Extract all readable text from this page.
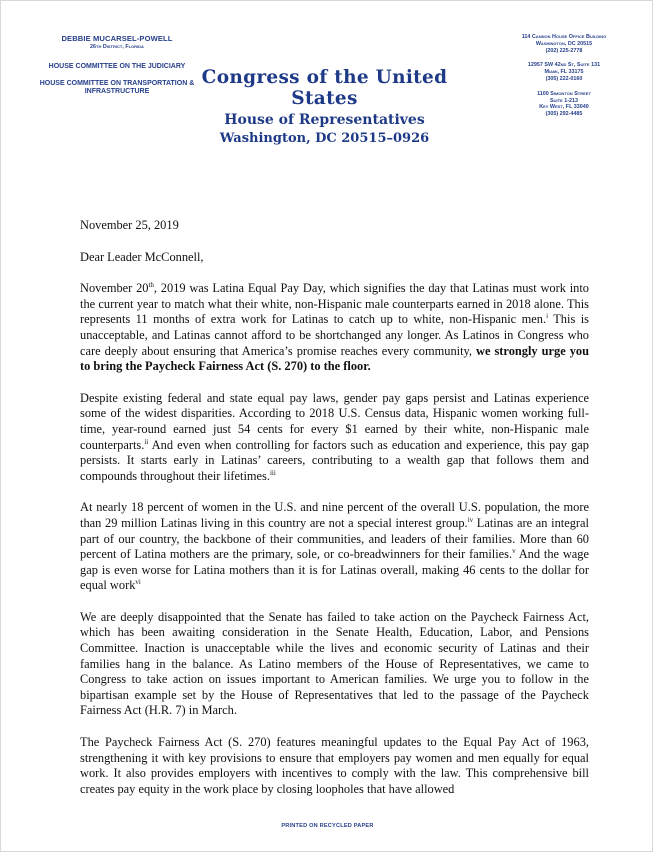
DEBBIE MUCARSEL-POWELL
26th District, Florida
HOUSE COMMITTEE ON THE JUDICIARY
HOUSE COMMITTEE ON TRANSPORTATION & INFRASTRUCTURE
Congress of the United States
House of Representatives
Washington, DC 20515–0926
114 Cannon House Office Building
Washington, DC 20515
(202) 225-2778
12957 SW 42nd St, Suite 131
Miami, FL 33175
(305) 222-0160
1100 Simonton Street
Suite 1-213
Key West, FL 33040
(305) 292-4485

November 25, 2019

Dear Leader McConnell,

November 20th, 2019 was Latina Equal Pay Day, which signifies the day that Latinas must work into the current year to match what their white, non-Hispanic male counterparts earned in 2018 alone. This represents 11 months of extra work for Latinas to catch up to white, non-Hispanic men.$^i$ This is unacceptable, and Latinas cannot afford to be shortchanged any longer. As Latinos in Congress who care deeply about ensuring that America’s promise reaches every community, we strongly urge you to bring the Paycheck Fairness Act (S. 270) to the floor.

Despite existing federal and state equal pay laws, gender pay gaps persist and Latinas experience some of the widest disparities. According to 2018 U.S. Census data, Hispanic women working full-time, year-round earned just 54 cents for every $1 earned by their white, non-Hispanic male counterparts.$^{ii}$ And even when controlling for factors such as education and experience, this pay gap persists. It starts early in Latinas’ careers, contributing to a wealth gap that follows them and compounds throughout their lifetimes.$^{iii}$

At nearly 18 percent of women in the U.S. and nine percent of the overall U.S. population, the more than 29 million Latinas living in this country are not a special interest group.$^{iv}$ Latinas are an integral part of our country, the backbone of their communities, and leaders of their families. More than 60 percent of Latina mothers are the primary, sole, or co-breadwinners for their families.$^v$ And the wage gap is even worse for Latina mothers than it is for Latinas overall, making 46 cents to the dollar for equal work$^{vi}$

We are deeply disappointed that the Senate has failed to take action on the Paycheck Fairness Act, which has been awaiting consideration in the Senate Health, Education, Labor, and Pensions Committee. Inaction is unacceptable while the lives and economic security of Latinas and their families hang in the balance. As Latino members of the House of Representatives, we came to Congress to take action on issues important to American families. We urge you to follow in the bipartisan example set by the House of Representatives that led to the passage of the Paycheck Fairness Act (H.R. 7) in March.

The Paycheck Fairness Act (S. 270) features meaningful updates to the Equal Pay Act of 1963, strengthening it with key provisions to ensure that employers pay women and men equally for equal work. It also provides employers with incentives to comply with the law. This comprehensive bill creates pay equity in the work place by closing loopholes that have allowed

PRINTED ON RECYCLED PAPER
